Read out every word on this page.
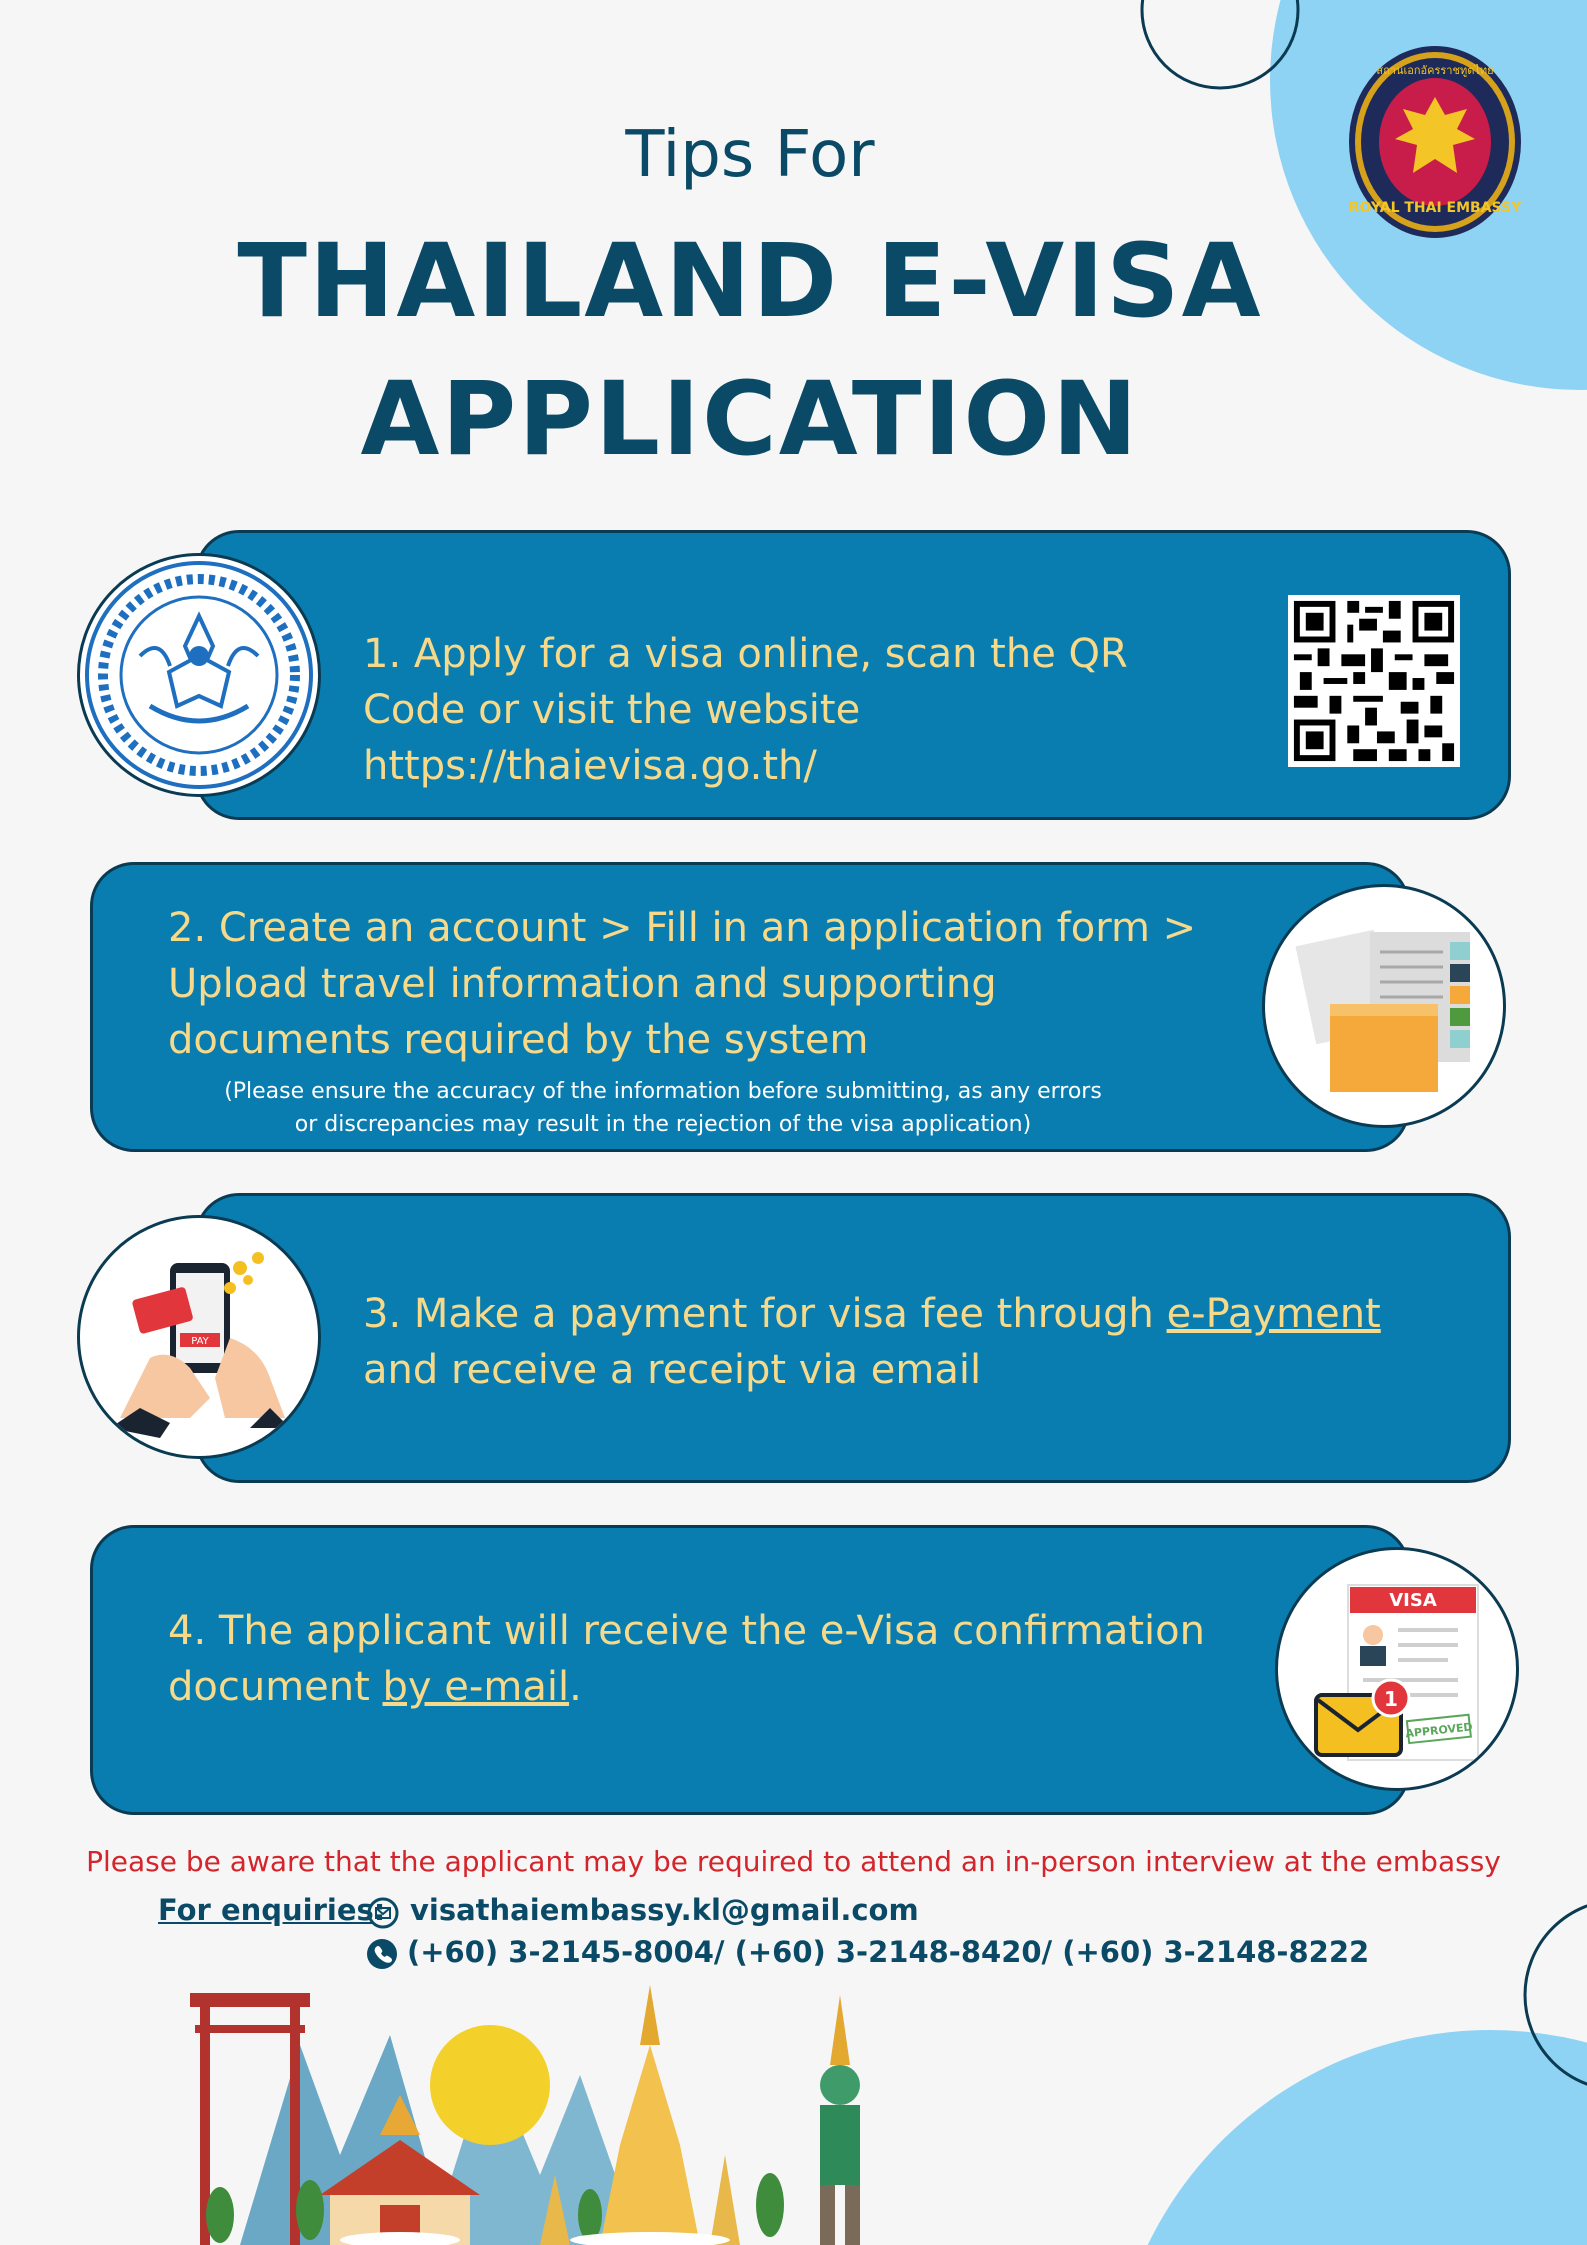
ROYAL THAI EMBASSY
สถานเอกอัครราชทูตไทย
Tips For
THAILAND E-VISA
APPLICATION
1. Apply for a visa online, scan the QR Code or visit the website https://thaievisa.go.th/
2. Create an account > Fill in an application form > Upload travel information and supporting documents required by the system
(Please ensure the accuracy of the information before submitting, as any errors
or discrepancies may result in the rejection of the visa application)
3. Make a payment for visa fee through e-Payment and receive a receipt via email
PAY
4. The applicant will receive the e-Visa confirmation document by e-mail.
VISA
APPROVED
1
Please be aware that the applicant may be required to attend an in-person interview at the embassy
For enquiries: visathaiembassy.kl@gmail.com
(+60) 3-2145-8004/ (+60) 3-2148-8420/ (+60) 3-2148-8222
